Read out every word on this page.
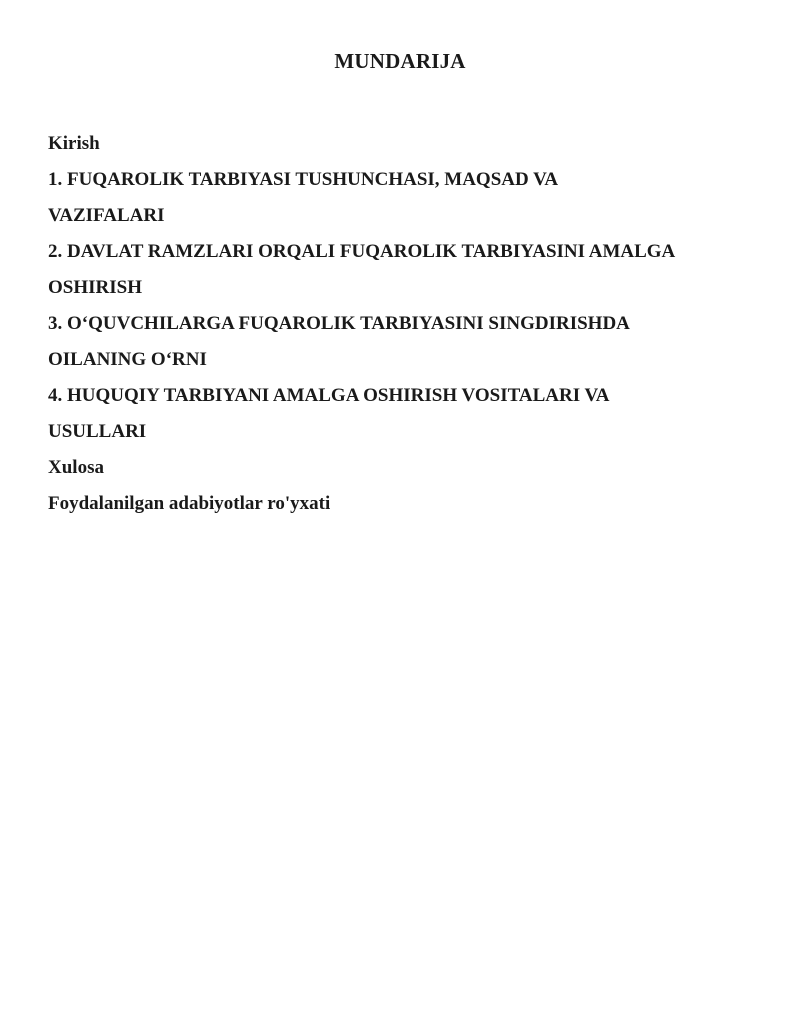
MUNDARIJA
Kirish
1. FUQAROLIK TARBIYASI TUSHUNCHASI, MAQSAD VA
VAZIFALARI
2. DAVLAT RAMZLARI ORQALI FUQAROLIK TARBIYASINI AMALGA
OSHIRISH
3. O‘QUVCHILARGA FUQAROLIK TARBIYASINI SINGDIRISHDA
OILANING O‘RNI
4. HUQUQIY TARBIYANI AMALGA OSHIRISH VOSITALARI VA
USULLARI
Xulosa
Foydalanilgan adabiyotlar ro'yxati
